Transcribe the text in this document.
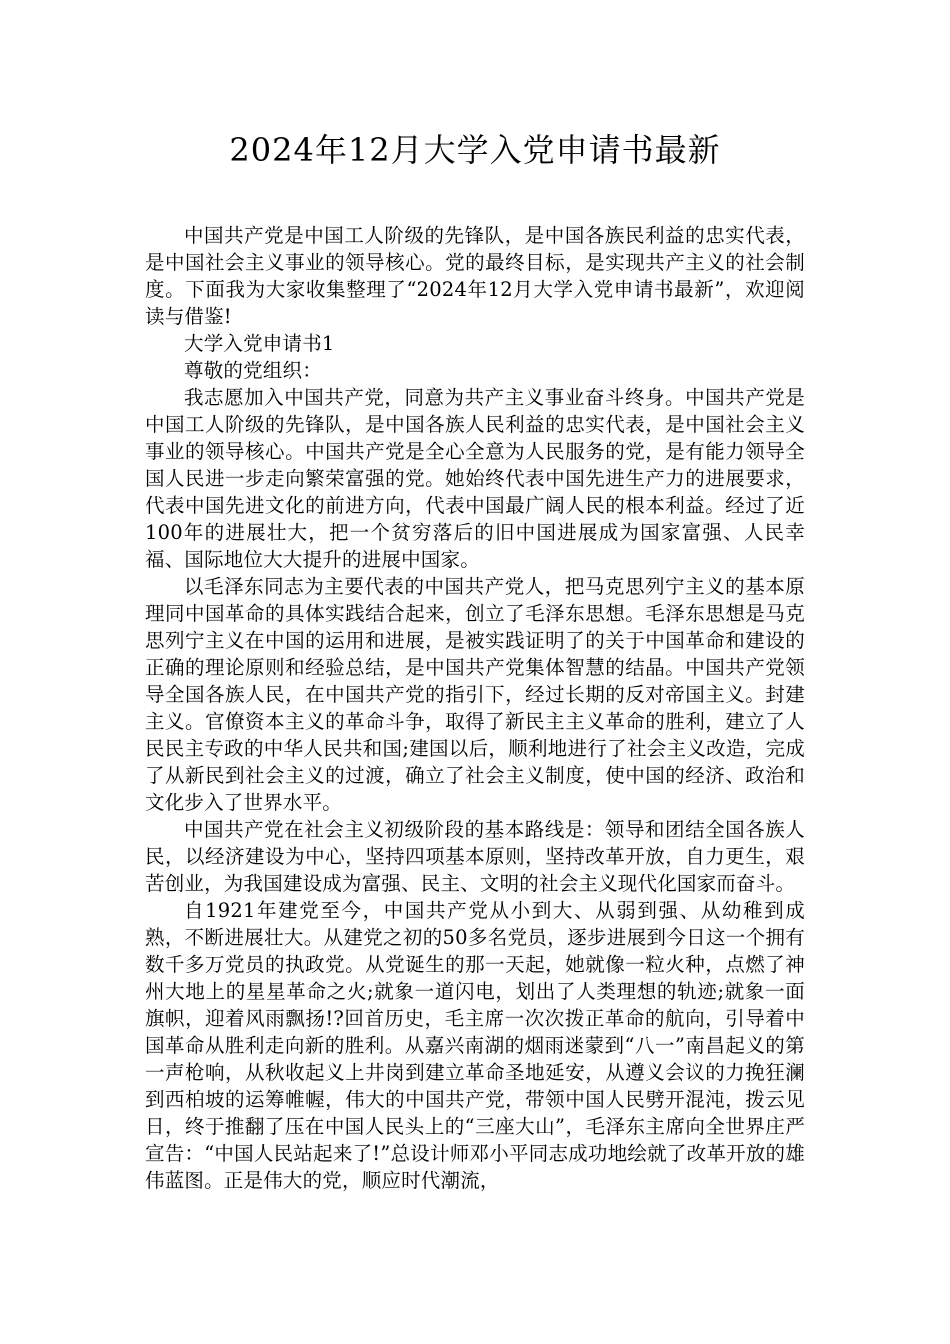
2024年12月大学入党申请书最新

中国共产党是中国工人阶级的先锋队，是中国各族民利益的忠实代表，是中国社会主义事业的领导核心。党的最终目标，是实现共产主义的社会制度。下面我为大家收集整理了“2024年12月大学入党申请书最新”，欢迎阅读与借鉴!

大学入党申请书1

尊敬的党组织：

我志愿加入中国共产党，同意为共产主义事业奋斗终身。中国共产党是中国工人阶级的先锋队，是中国各族人民利益的忠实代表，是中国社会主义事业的领导核心。中国共产党是全心全意为人民服务的党，是有能力领导全国人民进一步走向繁荣富强的党。她始终代表中国先进生产力的进展要求，代表中国先进文化的前进方向，代表中国最广阔人民的根本利益。经过了近100年的进展壮大，把一个贫穷落后的旧中国进展成为国家富强、人民幸福、国际地位大大提升的进展中国家。

以毛泽东同志为主要代表的中国共产党人，把马克思列宁主义的基本原理同中国革命的具体实践结合起来，创立了毛泽东思想。毛泽东思想是马克思列宁主义在中国的运用和进展，是被实践证明了的关于中国革命和建设的正确的理论原则和经验总结，是中国共产党集体智慧的结晶。中国共产党领导全国各族人民，在中国共产党的指引下，经过长期的反对帝国主义。封建主义。官僚资本主义的革命斗争，取得了新民主主义革命的胜利，建立了人民民主专政的中华人民共和国;建国以后，顺利地进行了社会主义改造，完成了从新民到社会主义的过渡，确立了社会主义制度，使中国的经济、政治和文化步入了世界水平。

中国共产党在社会主义初级阶段的基本路线是：领导和团结全国各族人民，以经济建设为中心，坚持四项基本原则，坚持改革开放，自力更生，艰苦创业，为我国建设成为富强、民主、文明的社会主义现代化国家而奋斗。

自1921年建党至今，中国共产党从小到大、从弱到强、从幼稚到成熟，不断进展壮大。从建党之初的50多名党员，逐步进展到今日这一个拥有数千多万党员的执政党。从党诞生的那一天起，她就像一粒火种，点燃了神州大地上的星星革命之火;就象一道闪电，划出了人类理想的轨迹;就象一面旗帜，迎着风雨飘扬!?回首历史，毛主席一次次拨正革命的航向，引导着中国革命从胜利走向新的胜利。从嘉兴南湖的烟雨迷蒙到“八一”南昌起义的第一声枪响，从秋收起义上井岗到建立革命圣地延安，从遵义会议的力挽狂澜到西柏坡的运筹帷幄，伟大的中国共产党，带领中国人民劈开混沌，拨云见日，终于推翻了压在中国人民头上的“三座大山”，毛泽东主席向全世界庄严宣告：“中国人民站起来了!”总设计师邓小平同志成功地绘就了改革开放的雄伟蓝图。正是伟大的党，顺应时代潮流，
